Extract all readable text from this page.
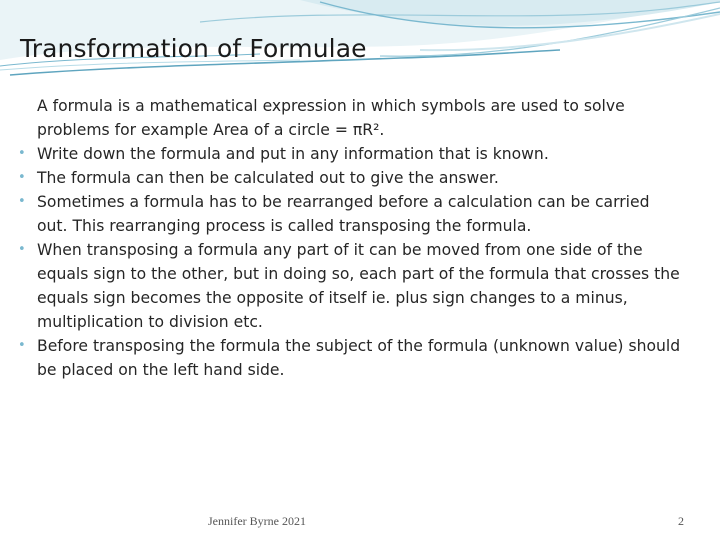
Transformation of Formulae
A formula is a mathematical expression in which symbols are used to solve problems for example Area of a circle = πR².
• Write down the formula and put in any information that is known.
• The formula can then be calculated out to give the answer.
• Sometimes a formula has to be rearranged before a calculation can be carried out. This rearranging process is called transposing the formula.
• When transposing a formula any part of it can be moved from one side of the equals sign to the other, but in doing so, each part of the formula that crosses the equals sign becomes the opposite of itself ie. plus sign changes to a minus, multiplication to division etc.
• Before transposing the formula the subject of the formula (unknown value) should be placed on the left hand side.
Jennifer Byrne 2021	2
